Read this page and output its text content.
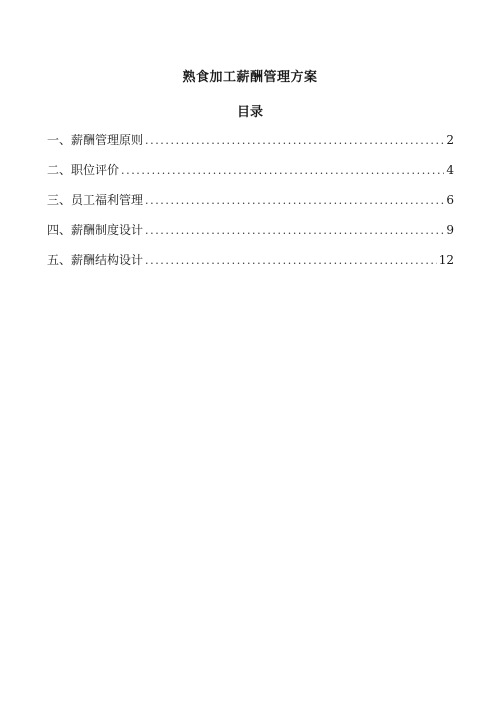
熟食加工薪酬管理方案
目录
一、薪酬管理原则 .....	2
二、职位评价 .....	4
三、员工福利管理 .....	6
四、薪酬制度设计 .....	9
五、薪酬结构设计 .....	12
